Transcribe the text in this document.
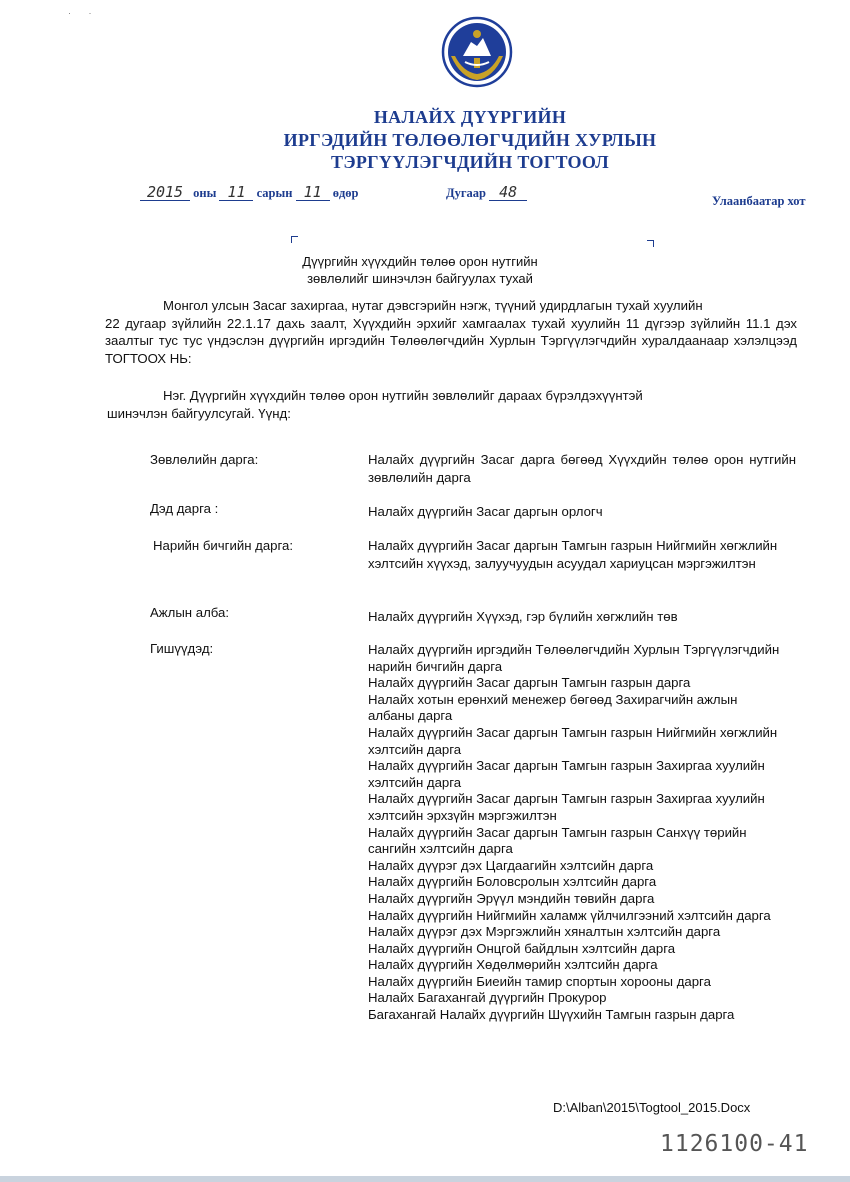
·       ·
НАЛАЙХ ДҮҮРГИЙН
ИРГЭДИЙН ТӨЛӨӨЛӨГЧДИЙН ХУРЛЫН
ТЭРГҮҮЛЭГЧДИЙН ТОГТООЛ
2015 оны 11 сарын 11 өдөр	Дугаар 48	Улаанбаатар хот
Дүүргийн хүүхдийн төлөө орон нутгийн
зөвлөлийг шинэчлэн байгуулах тухай
Монгол улсын Засаг захиргаа, нутаг дэвсгэрийн нэгж, түүний удирдлагын тухай хуулийн
22 дугаар зүйлийн 22.1.17 дахь заалт, Хүүхдийн эрхийг хамгаалах тухай хуулийн 11 дүгээр зүйлийн 11.1 дэх заалтыг тус тус үндэслэн дүүргийн иргэдийн Төлөөлөгчдийн Хурлын Тэргүүлэгчдийн хуралдаанаар хэлэлцээд ТОГТООХ НЬ:
Нэг. Дүүргийн хүүхдийн төлөө орон нутгийн зөвлөлийг дараах бүрэлдэхүүнтэй
шинэчлэн байгуулсугай. Үүнд:
Зөвлөлийн дарга:	Налайх дүүргийн Засаг дарга бөгөөд Хүүхдийн төлөө орон нутгийн зөвлөлийн дарга
Дэд дарга :	Налайх дүүргийн Засаг даргын орлогч
Нарийн бичгийн дарга:	Налайх дүүргийн Засаг даргын Тамгын газрын Нийгмийн хөгжлийн хэлтсийн хүүхэд, залуучуудын асуудал хариуцсан мэргэжилтэн
Ажлын алба:	Налайх дүүргийн Хүүхэд, гэр бүлийн хөгжлийн төв
Гишүүдэд:	Налайх дүүргийн иргэдийн Төлөөлөгчдийн Хурлын Тэргүүлэгчдийн нарийн бичгийн дарга
Налайх дүүргийн Засаг даргын Тамгын газрын дарга
Налайх хотын ерөнхий менежер бөгөөд Захирагчийн ажлын албаны дарга
Налайх дүүргийн Засаг даргын Тамгын газрын Нийгмийн хөгжлийн хэлтсийн дарга
Налайх дүүргийн Засаг даргын Тамгын газрын Захиргаа хуулийн хэлтсийн дарга
Налайх дүүргийн Засаг даргын Тамгын газрын Захиргаа хуулийн хэлтсийн эрхзүйн мэргэжилтэн
Налайх дүүргийн Засаг даргын Тамгын газрын Санхүү төрийн сангийн хэлтсийн дарга
Налайх дүүрэг дэх Цагдаагийн хэлтсийн дарга
Налайх дүүргийн Боловсролын хэлтсийн дарга
Налайх дүүргийн Эрүүл мэндийн төвийн дарга
Налайх дүүргийн Нийгмийн халамж үйлчилгээний хэлтсийн дарга
Налайх дүүрэг дэх Мэргэжлийн хяналтын хэлтсийн дарга
Налайх дүүргийн Онцгой байдлын хэлтсийн дарга
Налайх дүүргийн Хөдөлмөрийн хэлтсийн дарга
Налайх дүүргийн Биеийн тамир спортын хорооны дарга
Налайх Багахангай дүүргийн Прокурор
Багахангай Налайх дүүргийн Шүүхийн Тамгын газрын дарга
D:\Alban\2015\Togtool_2015.Docx
1126100-41
